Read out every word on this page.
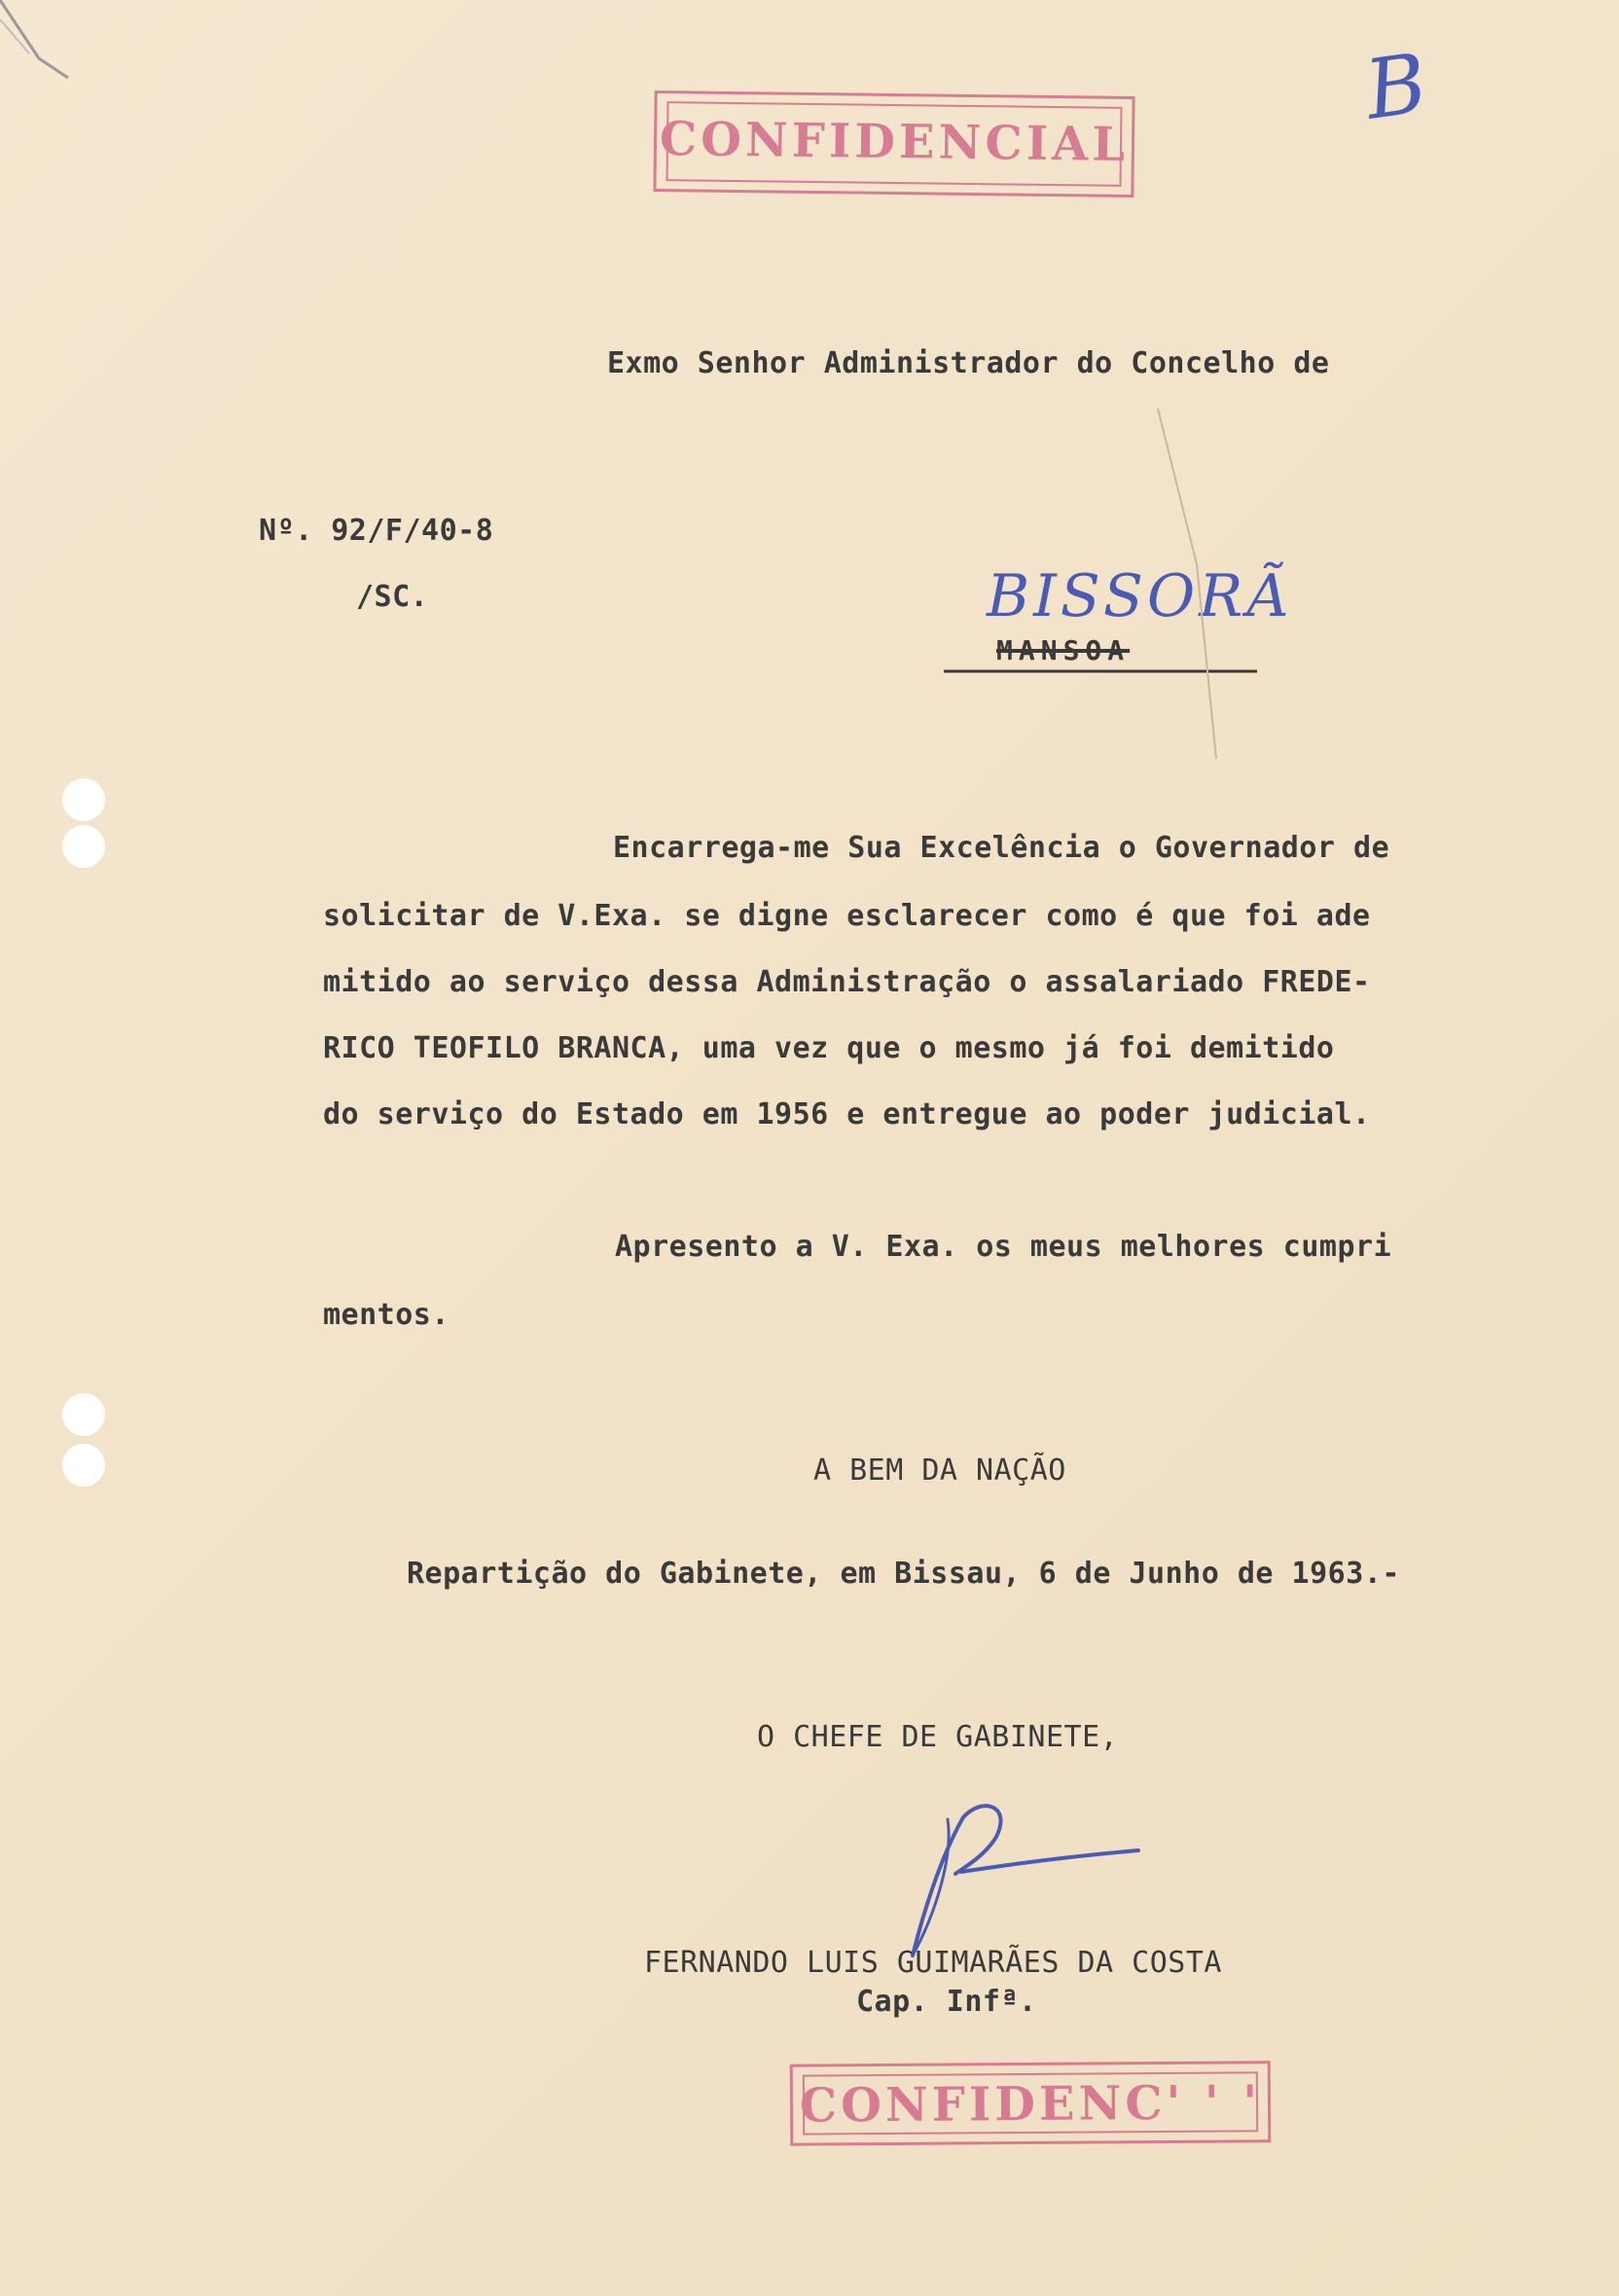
CONFIDENCIAL
B
Exmo Senhor Administrador do Concelho de
Nº. 92/F/40-8
/SC.	BISSORÃ
MANSOA
Encarrega-me Sua Excelência o Governador de
solicitar de V.Exa. se digne esclarecer como é que foi ade
mitido ao serviço dessa Administração o assalariado FREDE-
RICO TEOFILO BRANCA, uma vez que o mesmo já foi demitido
do serviço do Estado em 1956 e entregue ao poder judicial.
Apresento a V. Exa. os meus melhores cumpri
mentos.
A BEM DA NAÇÃO
Repartição do Gabinete, em Bissau, 6 de Junho de 1963.-
O CHEFE DE GABINETE,
FERNANDO LUIS GUIMARÃES DA COSTA
Cap. Infª.
CONFIDENC' ' '
